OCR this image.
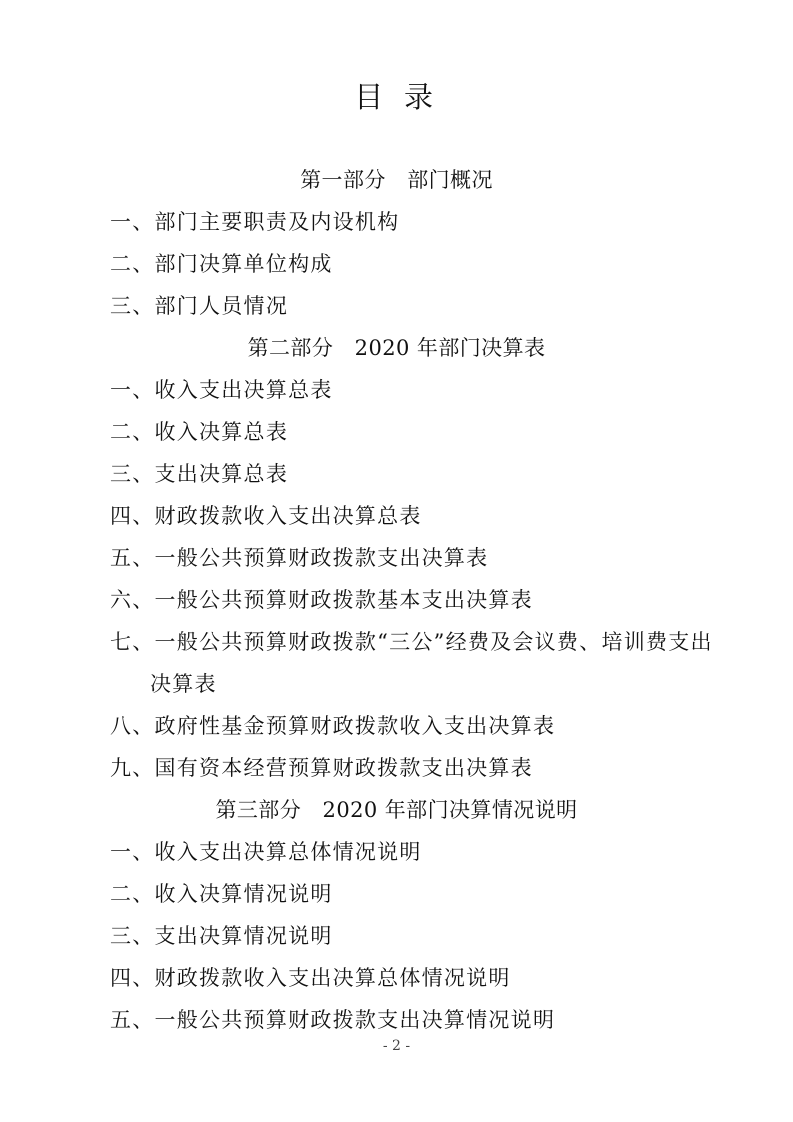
目 录
第一部分　部门概况
一、部门主要职责及内设机构
二、部门决算单位构成
三、部门人员情况
第二部分　2020 年部门决算表
一、收入支出决算总表
二、收入决算总表
三、支出决算总表
四、财政拨款收入支出决算总表
五、一般公共预算财政拨款支出决算表
六、一般公共预算财政拨款基本支出决算表
七、一般公共预算财政拨款“三公”经费及会议费、培训费支出
决算表
八、政府性基金预算财政拨款收入支出决算表
九、国有资本经营预算财政拨款支出决算表
第三部分　2020 年部门决算情况说明
一、收入支出决算总体情况说明
二、收入决算情况说明
三、支出决算情况说明
四、财政拨款收入支出决算总体情况说明
五、一般公共预算财政拨款支出决算情况说明
- 2 -
